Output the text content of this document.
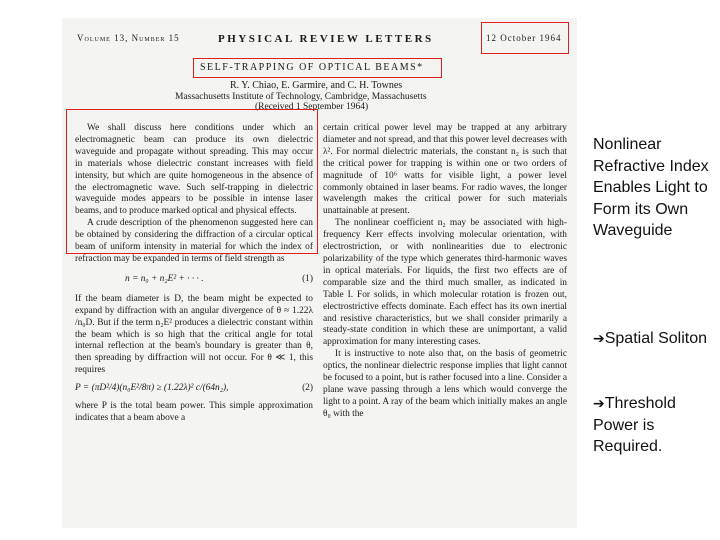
Volume 13, Number 15	PHYSICAL REVIEW LETTERS	12 October 1964
SELF-TRAPPING OF OPTICAL BEAMS*
R. Y. Chiao, E. Garmire, and C. H. Townes
Massachusetts Institute of Technology, Cambridge, Massachusetts
(Received 1 September 1964)

We shall discuss here conditions under which an electromagnetic beam can produce its own dielectric waveguide and propagate without spreading. This may occur in materials whose dielectric constant increases with field intensity, but which are quite homogeneous in the absence of the electromagnetic wave. Such self-trapping in dielectric waveguide modes appears to be possible in intense laser beams, and to produce marked optical and physical effects.

A crude description of the phenomenon suggested here can be obtained by considering the diffraction of a circular optical beam of uniform intensity in material for which the index of refraction may be expanded in terms of field strength as

n = n₀ + n₂E² + · · · .	(1)

If the beam diameter is D, the beam might be expected to expand by diffraction with an angular divergence of θ ≈ 1.22λ /n₀D. But if the term n₂E² produces a dielectric constant within the beam which is so high that the critical angle for total internal reflection at the beam's boundary is greater than θ, then spreading by diffraction will not occur. For θ ≪ 1, this requires

P = (πD²/4)(n₀E²/8π) ≥ (1.22λ)² c/(64n₂),	(2)

where P is the total beam power. This simple approximation indicates that a beam above a

certain critical power level may be trapped at any arbitrary diameter and not spread, and that this power level decreases with λ². For normal dielectric materials, the constant n₂ is such that the critical power for trapping is within one or two orders of magnitude of 10⁶ watts for visible light, a power level commonly obtained in laser beams. For radio waves, the longer wavelength makes the critical power for such materials unattainable at present.

The nonlinear coefficient n₂ may be associated with high-frequency Kerr effects involving molecular orientation, with electrostriction, or with nonlinearities due to electronic polarizability of the type which generates third-harmonic waves in optical materials. For liquids, the first two effects are of comparable size and the third much smaller, as indicated in Table I. For solids, in which molecular rotation is frozen out, electrostrictive effects dominate. Each effect has its own inertial and resistive characteristics, but we shall consider primarily a steady-state condition in which these are unimportant, a valid approximation for many interesting cases.

It is instructive to note also that, on the basis of geometric optics, the nonlinear dielectric response implies that light cannot be focused to a point, but is rather focused into a line. Consider a plane wave passing through a lens which would converge the light to a point. A ray of the beam which initially makes an angle θ₀ with the

Nonlinear Refractive Index Enables Light to Form its Own Waveguide
➔Spatial Soliton
➔Threshold Power is Required.
